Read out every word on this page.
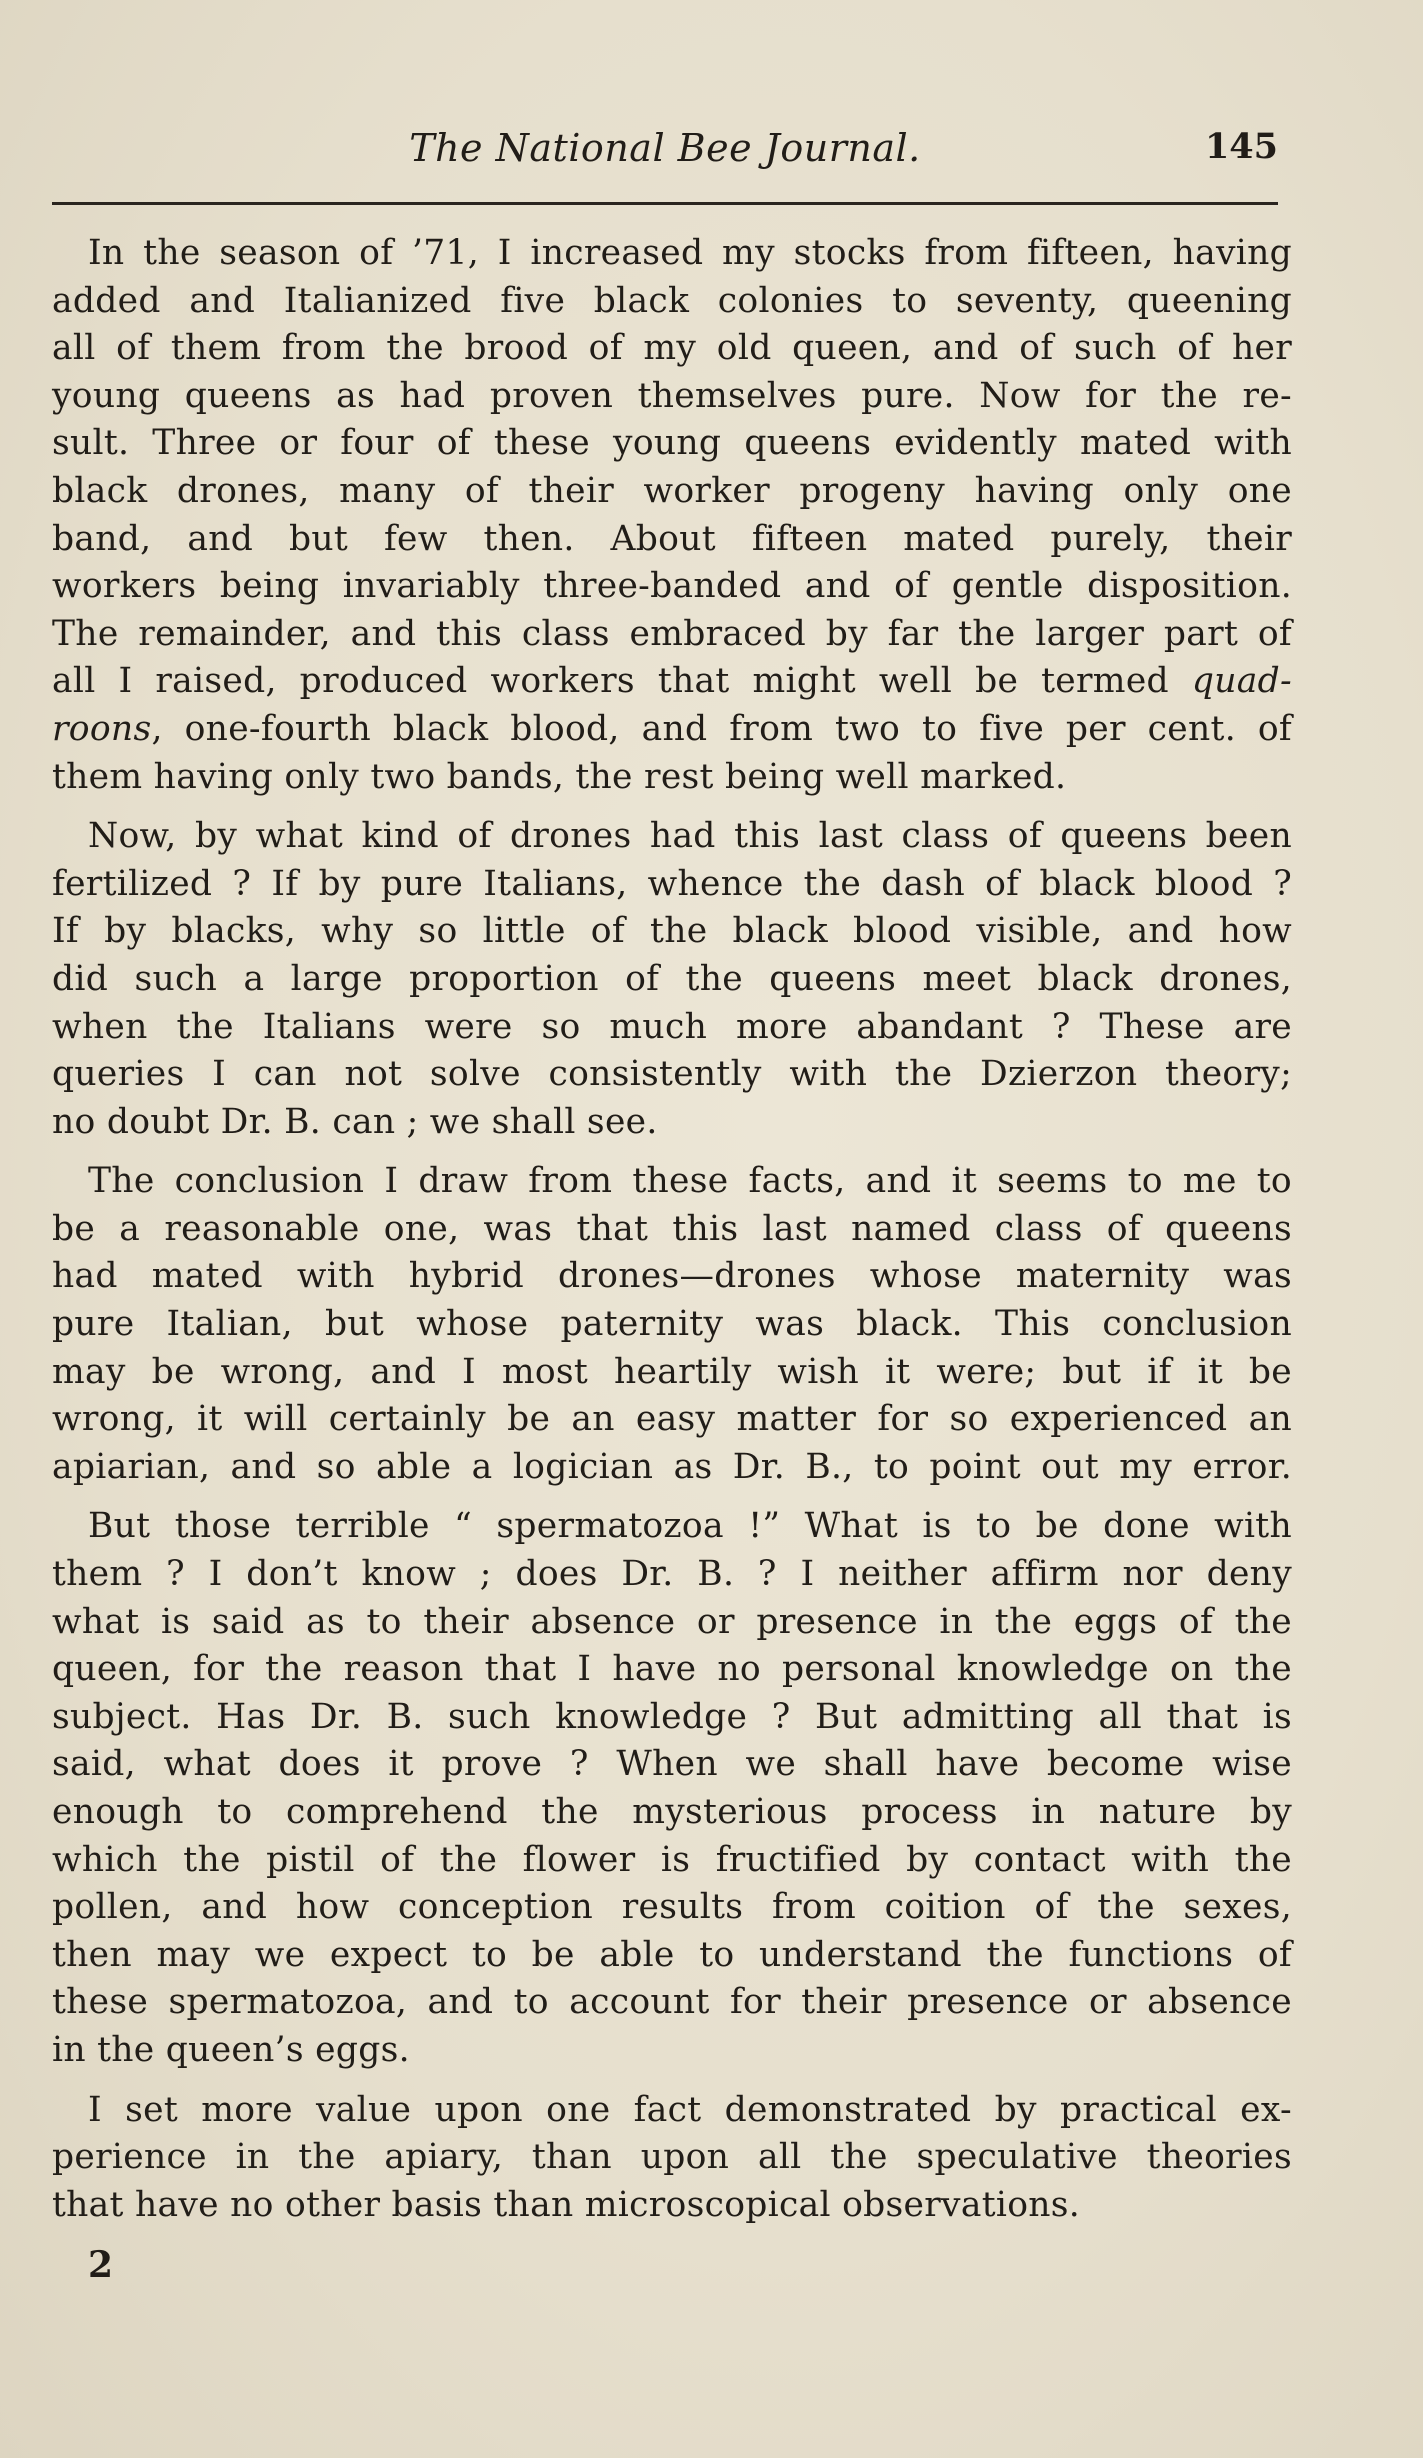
The National Bee Journal.	145
In the season of ’71, I increased my stocks from fifteen, having
added and Italianized five black colonies to seventy, queening
all of them from the brood of my old queen, and of such of her
young queens as had proven themselves pure. Now for the re-
sult. Three or four of these young queens evidently mated with
black drones, many of their worker progeny having only one
band, and but few then. About fifteen mated purely, their
workers being invariably three-banded and of gentle disposition.
The remainder, and this class embraced by far the larger part of
all I raised, produced workers that might well be termed quad-
roons, one-fourth black blood, and from two to five per cent. of
them having only two bands, the rest being well marked.
Now, by what kind of drones had this last class of queens been
fertilized ? If by pure Italians, whence the dash of black blood ?
If by blacks, why so little of the black blood visible, and how
did such a large proportion of the queens meet black drones,
when the Italians were so much more abandant ? These are
queries I can not solve consistently with the Dzierzon theory;
no doubt Dr. B. can ; we shall see.
The conclusion I draw from these facts, and it seems to me to
be a reasonable one, was that this last named class of queens
had mated with hybrid drones—drones whose maternity was
pure Italian, but whose paternity was black. This conclusion
may be wrong, and I most heartily wish it were; but if it be
wrong, it will certainly be an easy matter for so experienced an
apiarian, and so able a logician as Dr. B., to point out my error.
But those terrible “ spermatozoa !” What is to be done with
them ? I don’t know ; does Dr. B. ? I neither affirm nor deny
what is said as to their absence or presence in the eggs of the
queen, for the reason that I have no personal knowledge on the
subject. Has Dr. B. such knowledge ? But admitting all that is
said, what does it prove ? When we shall have become wise
enough to comprehend the mysterious process in nature by
which the pistil of the flower is fructified by contact with the
pollen, and how conception results from coition of the sexes,
then may we expect to be able to understand the functions of
these spermatozoa, and to account for their presence or absence
in the queen’s eggs.
I set more value upon one fact demonstrated by practical ex-
perience in the apiary, than upon all the speculative theories
that have no other basis than microscopical observations.
2
